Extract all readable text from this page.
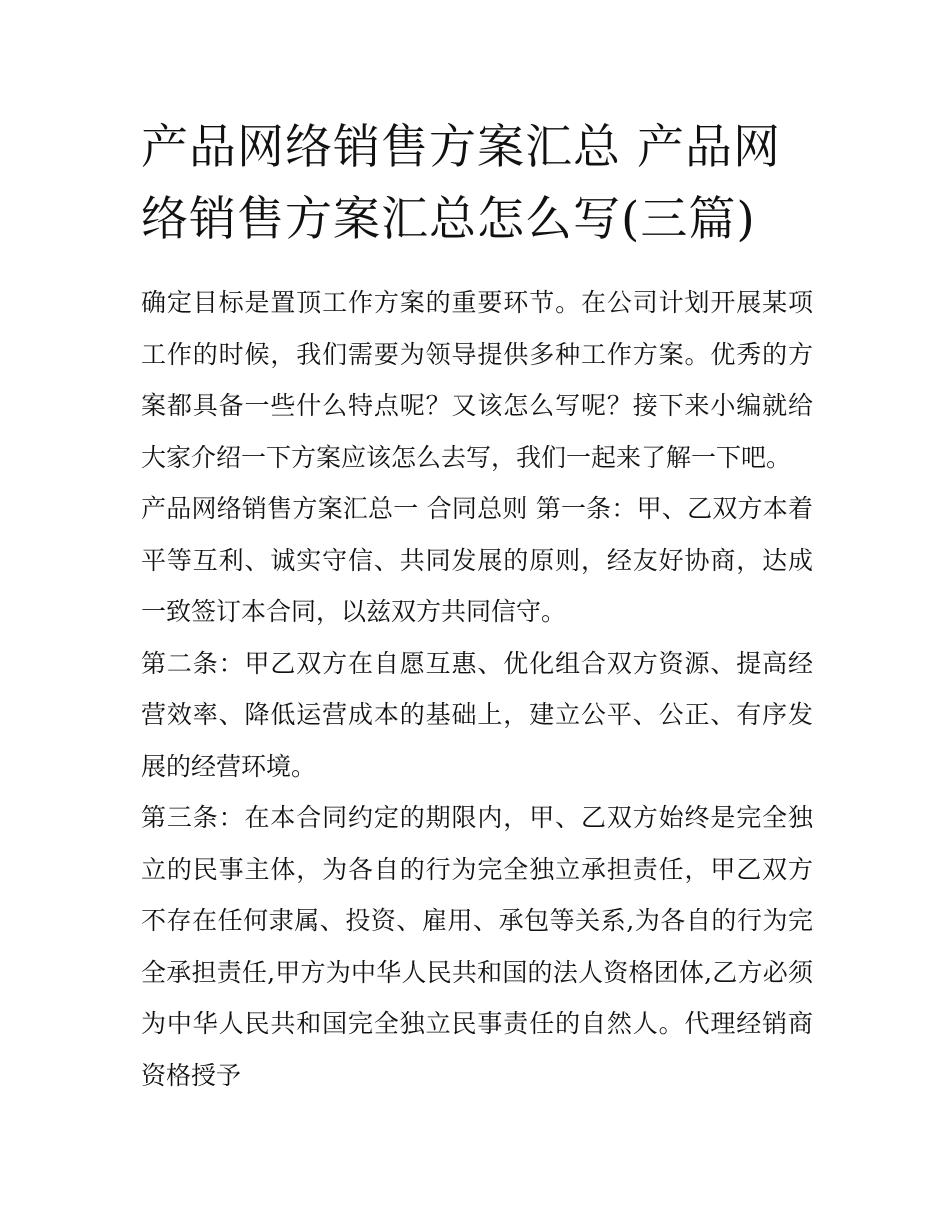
产品网络销售方案汇总 产品网络销售方案汇总怎么写(三篇)

确定目标是置顶工作方案的重要环节。在公司计划开展某项工作的时候，我们需要为领导提供多种工作方案。优秀的方案都具备一些什么特点呢？又该怎么写呢？接下来小编就给大家介绍一下方案应该怎么去写，我们一起来了解一下吧。

产品网络销售方案汇总一 合同总则 第一条：甲、乙双方本着平等互利、诚实守信、共同发展的原则，经友好协商，达成一致签订本合同，以兹双方共同信守。

第二条：甲乙双方在自愿互惠、优化组合双方资源、提高经营效率、降低运营成本的基础上，建立公平、公正、有序发展的经营环境。

第三条：在本合同约定的期限内，甲、乙双方始终是完全独立的民事主体，为各自的行为完全独立承担责任，甲乙双方不存在任何隶属、投资、雇用、承包等关系,为各自的行为完全承担责任,甲方为中华人民共和国的法人资格团体,乙方必须为中华人民共和国完全独立民事责任的自然人。代理经销商资格授予
